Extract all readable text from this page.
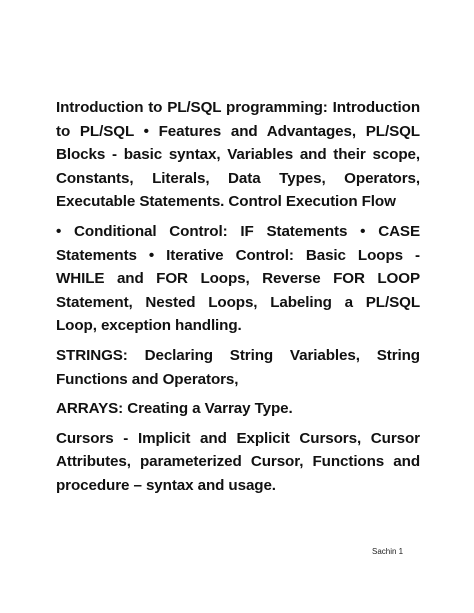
Introduction to PL/SQL programming: Introduction to PL/SQL • Features and Advantages, PL/SQL Blocks - basic syntax, Variables and their scope, Constants, Literals, Data Types, Operators, Executable Statements. Control Execution Flow

• Conditional Control: IF Statements • CASE Statements • Iterative Control: Basic Loops - WHILE and FOR Loops, Reverse FOR LOOP Statement, Nested Loops, Labeling a PL/SQL Loop, exception handling.

STRINGS: Declaring String Variables, String Functions and Operators,

ARRAYS: Creating a Varray Type.

Cursors - Implicit and Explicit Cursors, Cursor Attributes, parameterized Cursor, Functions and procedure – syntax and usage.

Sachin 1
